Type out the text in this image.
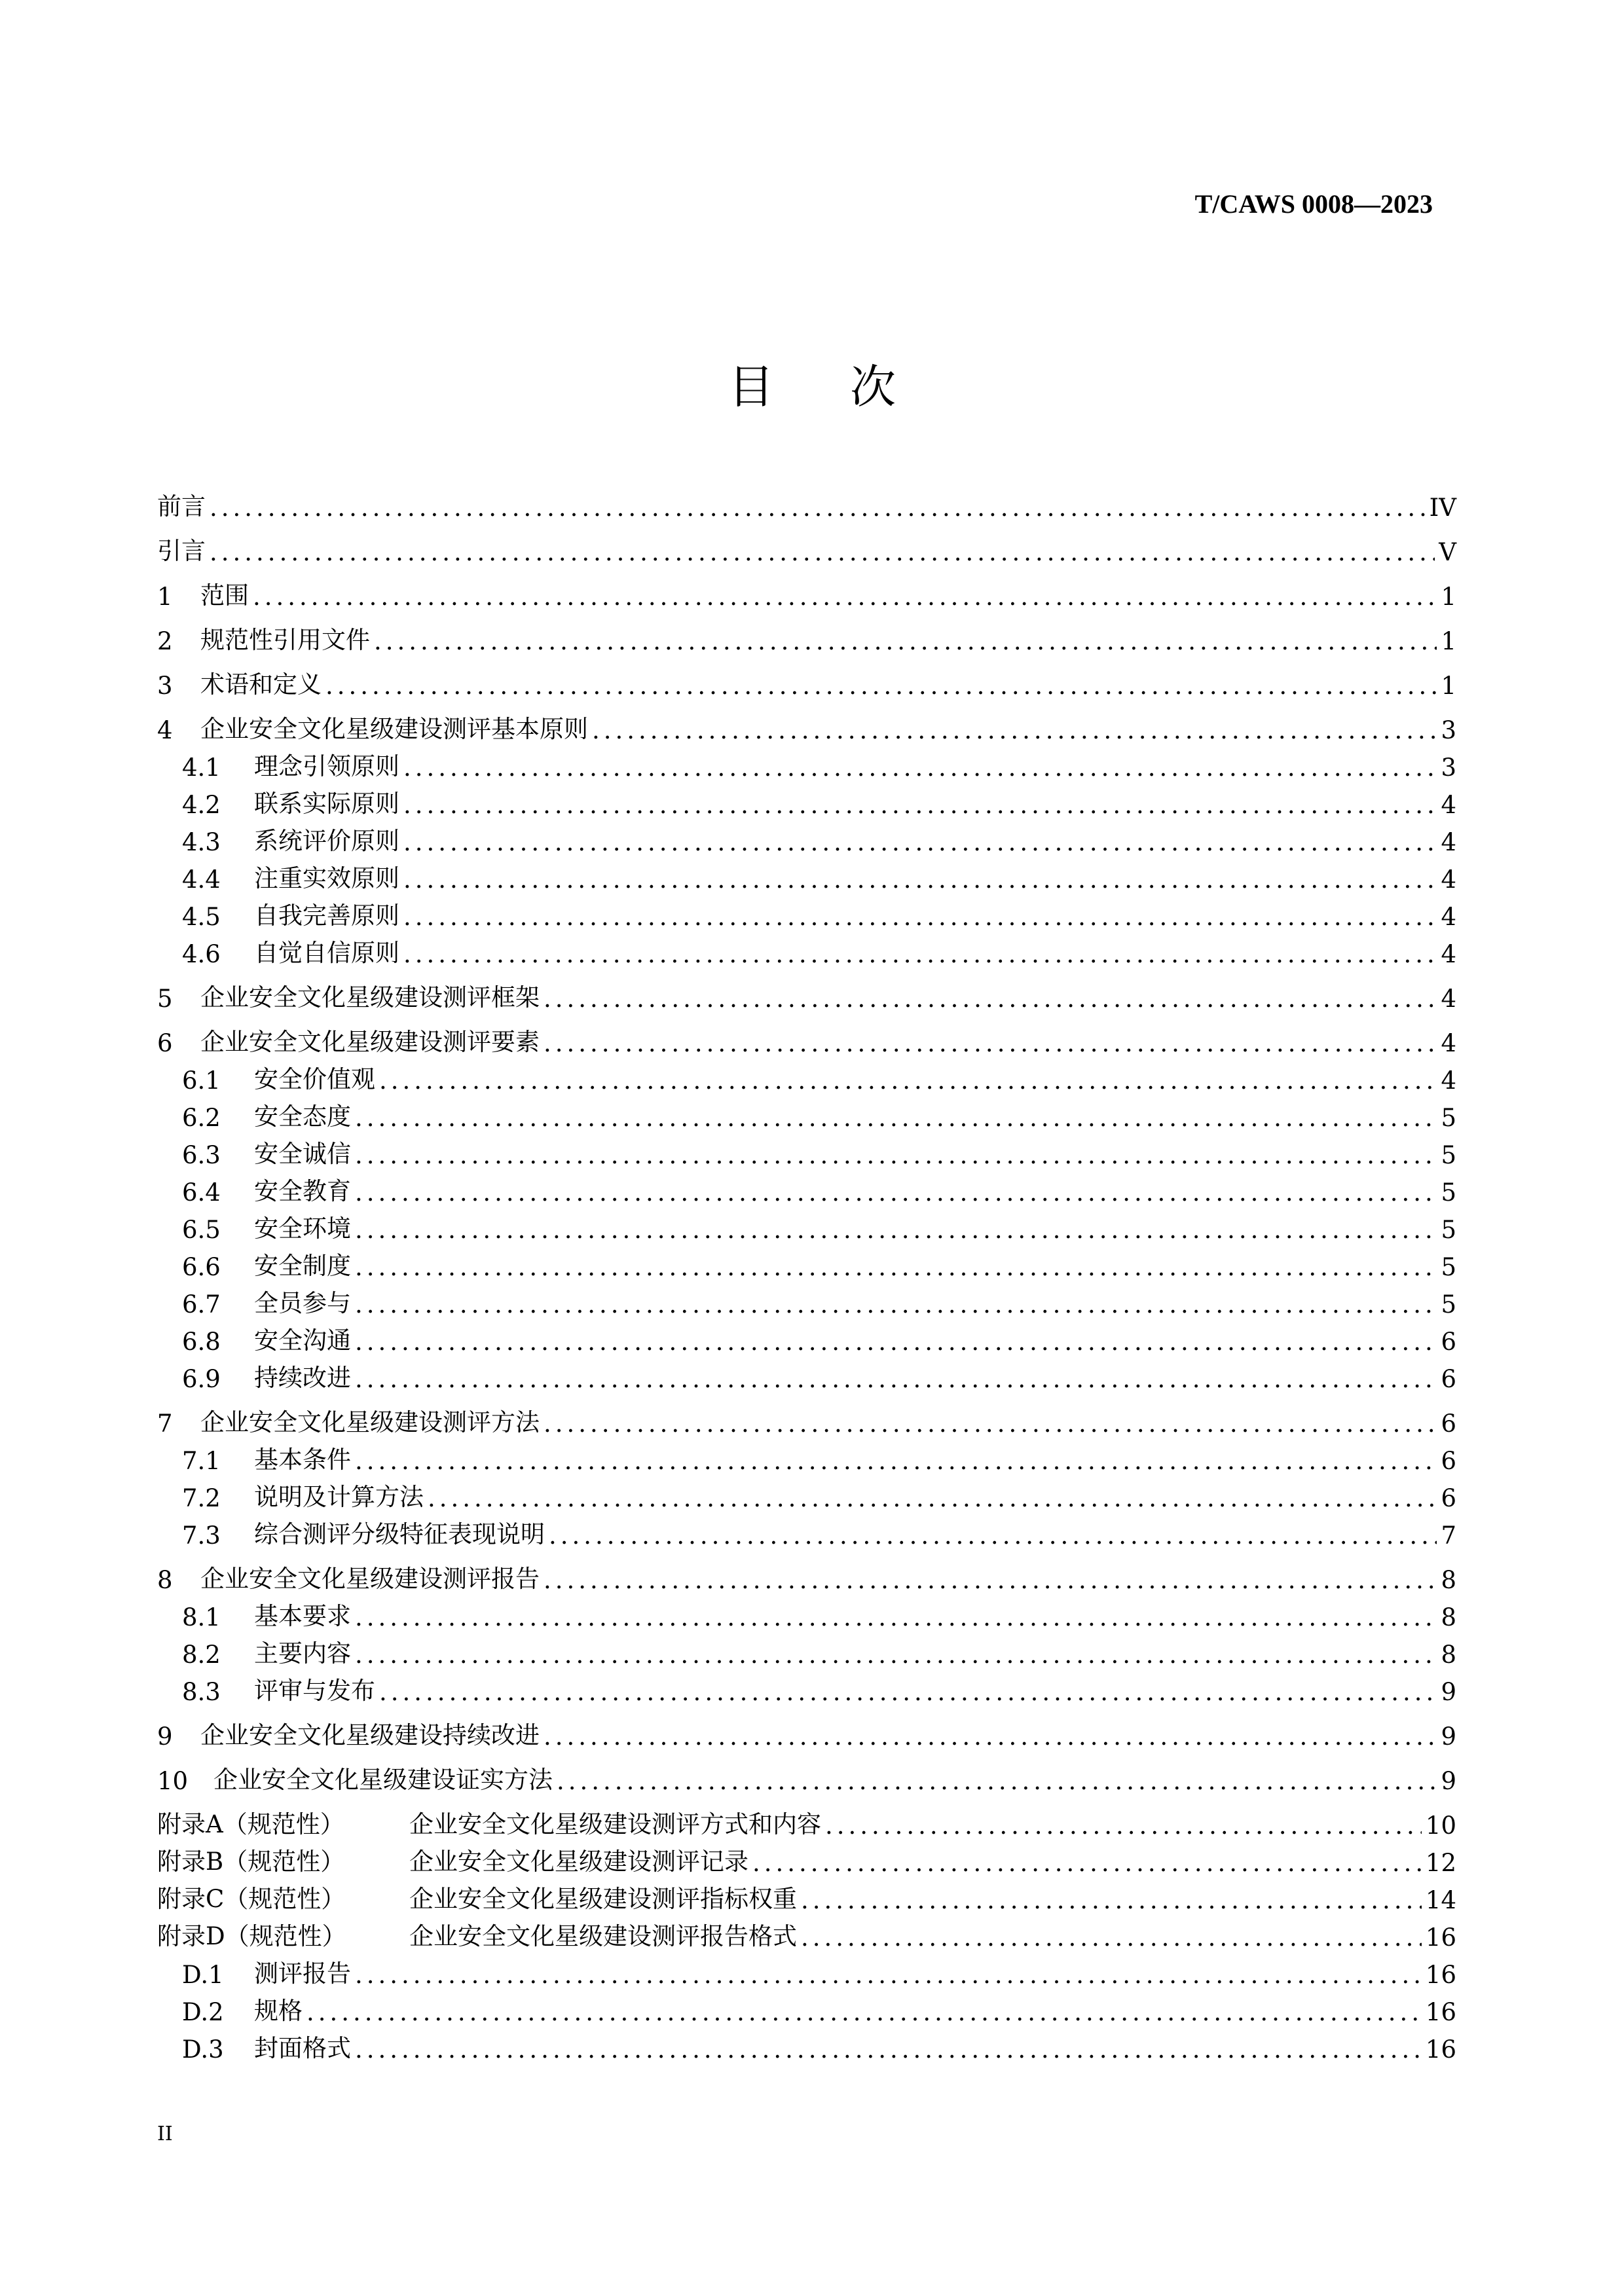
T/CAWS 0008—2023
目 次
前言 .....	IV
引言 .....	V
1	范围 .....	1
2	规范性引用文件 .....	1
3	术语和定义 .....	1
4	企业安全文化星级建设测评基本原则 .....	3
4.1	理念引领原则 .....	3
4.2	联系实际原则 .....	4
4.3	系统评价原则 .....	4
4.4	注重实效原则 .....	4
4.5	自我完善原则 .....	4
4.6	自觉自信原则 .....	4
5	企业安全文化星级建设测评框架 .....	4
6	企业安全文化星级建设测评要素 .....	4
6.1	安全价值观 .....	4
6.2	安全态度 .....	5
6.3	安全诚信 .....	5
6.4	安全教育 .....	5
6.5	安全环境 .....	5
6.6	安全制度 .....	5
6.7	全员参与 .....	5
6.8	安全沟通 .....	6
6.9	持续改进 .....	6
7	企业安全文化星级建设测评方法 .....	6
7.1	基本条件 .....	6
7.2	说明及计算方法 .....	6
7.3	综合测评分级特征表现说明 .....	7
8	企业安全文化星级建设测评报告 .....	8
8.1	基本要求 .....	8
8.2	主要内容 .....	8
8.3	评审与发布 .....	9
9	企业安全文化星级建设持续改进 .....	9
10	企业安全文化星级建设证实方法 .....	9
附录A（规范性）	企业安全文化星级建设测评方式和内容 .....	10
附录B（规范性）	企业安全文化星级建设测评记录 .....	12
附录C（规范性）	企业安全文化星级建设测评指标权重 .....	14
附录D（规范性）	企业安全文化星级建设测评报告格式 .....	16
D.1	测评报告 .....	16
D.2	规格 .....	16
D.3	封面格式 .....	16
II
